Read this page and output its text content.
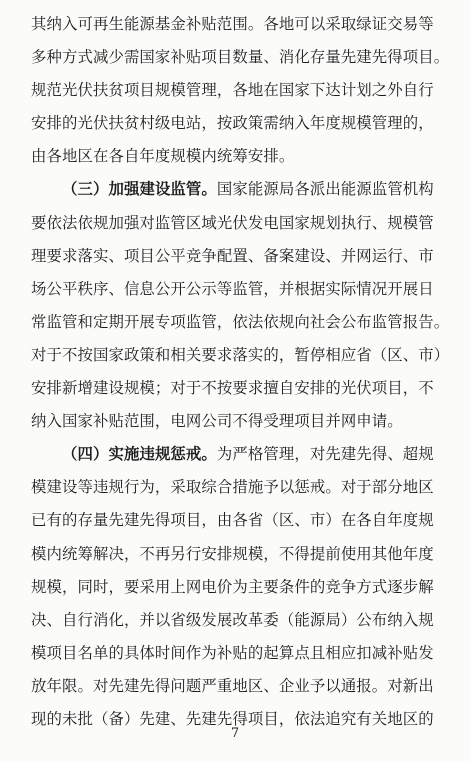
其纳入可再生能源基金补贴范围。各地可以采取绿证交易等
多种方式减少需国家补贴项目数量、消化存量先建先得项目。
规范光伏扶贫项目规模管理，各地在国家下达计划之外自行
安排的光伏扶贫村级电站，按政策需纳入年度规模管理的，
由各地区在各自年度规模内统筹安排。
（三）加强建设监管。国家能源局各派出能源监管机构
要依法依规加强对监管区域光伏发电国家规划执行、规模管
理要求落实、项目公平竞争配置、备案建设、并网运行、市
场公平秩序、信息公开公示等监管，并根据实际情况开展日
常监管和定期开展专项监管，依法依规向社会公布监管报告。
对于不按国家政策和相关要求落实的，暂停相应省（区、市）
安排新增建设规模；对于不按要求擅自安排的光伏项目，不
纳入国家补贴范围，电网公司不得受理项目并网申请。
（四）实施违规惩戒。为严格管理，对先建先得、超规
模建设等违规行为，采取综合措施予以惩戒。对于部分地区
已有的存量先建先得项目，由各省（区、市）在各自年度规
模内统筹解决，不再另行安排规模，不得提前使用其他年度
规模，同时，要采用上网电价为主要条件的竞争方式逐步解
决、自行消化，并以省级发展改革委（能源局）公布纳入规
模项目名单的具体时间作为补贴的起算点且相应扣减补贴发
放年限。对先建先得问题严重地区、企业予以通报。对新出
现的未批（备）先建、先建先得项目，依法追究有关地区的
7
